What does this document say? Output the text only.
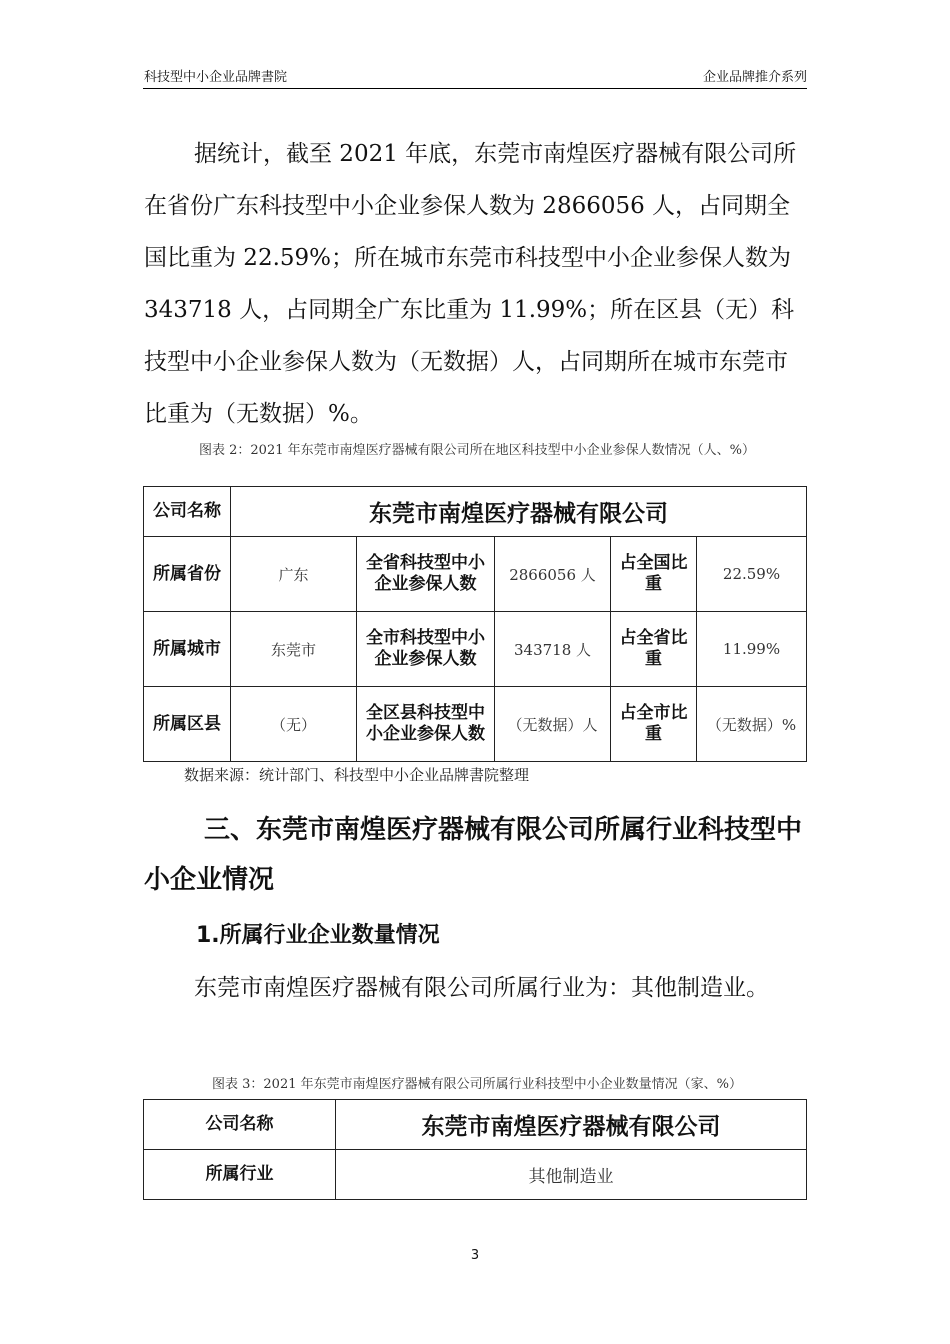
科技型中小企业品牌書院	企业品牌推介系列

据统计，截至 2021 年底，东莞市南煌医疗器械有限公司所在省份广东科技型中小企业参保人数为 2866056 人，占同期全国比重为 22.59%；所在城市东莞市科技型中小企业参保人数为 343718 人，占同期全广东比重为 11.99%；所在区县（无）科技型中小企业参保人数为（无数据）人，占同期所在城市东莞市比重为（无数据）%。

图表 2：2021 年东莞市南煌医疗器械有限公司所在地区科技型中小企业参保人数情况（人、%）
公司名称	东莞市南煌医疗器械有限公司				
所属省份	广东	全省科技型中小企业参保人数	2866056 人	占全国比重	22.59%
所属城市	东莞市	全市科技型中小企业参保人数	343718 人	占全省比重	11.99%
所属区县	（无）	全区县科技型中小企业参保人数	（无数据）人	占全市比重	（无数据）%
数据来源：统计部门、科技型中小企业品牌書院整理
三、东莞市南煌医疗器械有限公司所属行业科技型中小企业情况
1.所属行业企业数量情况

东莞市南煌医疗器械有限公司所属行业为：其他制造业。

图表 3：2021 年东莞市南煌医疗器械有限公司所属行业科技型中小企业数量情况（家、%）
公司名称	东莞市南煌医疗器械有限公司
所属行业	其他制造业
3
